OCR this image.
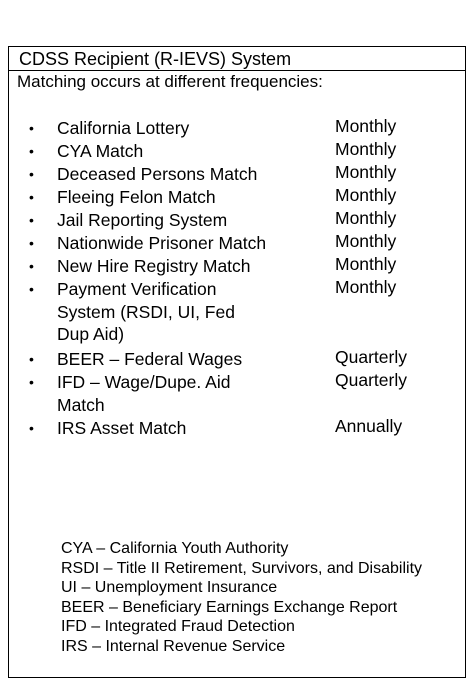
CDSS Recipient (R-IEVS) System
Matching occurs at different frequencies:
• California Lottery	Monthly
• CYA Match	Monthly
• Deceased Persons Match	Monthly
• Fleeing Felon Match	Monthly
• Jail Reporting System	Monthly
• Nationwide Prisoner Match	Monthly
• New Hire Registry Match	Monthly
• Payment Verification System (RSDI, UI, Fed Dup Aid)
Monthly
• BEER – Federal Wages	Quarterly
• IFD – Wage/Dupe. Aid Match
Quarterly
• IRS Asset Match	Annually
CYA – California Youth Authority
RSDI – Title II Retirement, Survivors, and Disability
UI – Unemployment Insurance
BEER – Beneficiary Earnings Exchange Report
IFD – Integrated Fraud Detection
IRS – Internal Revenue Service
